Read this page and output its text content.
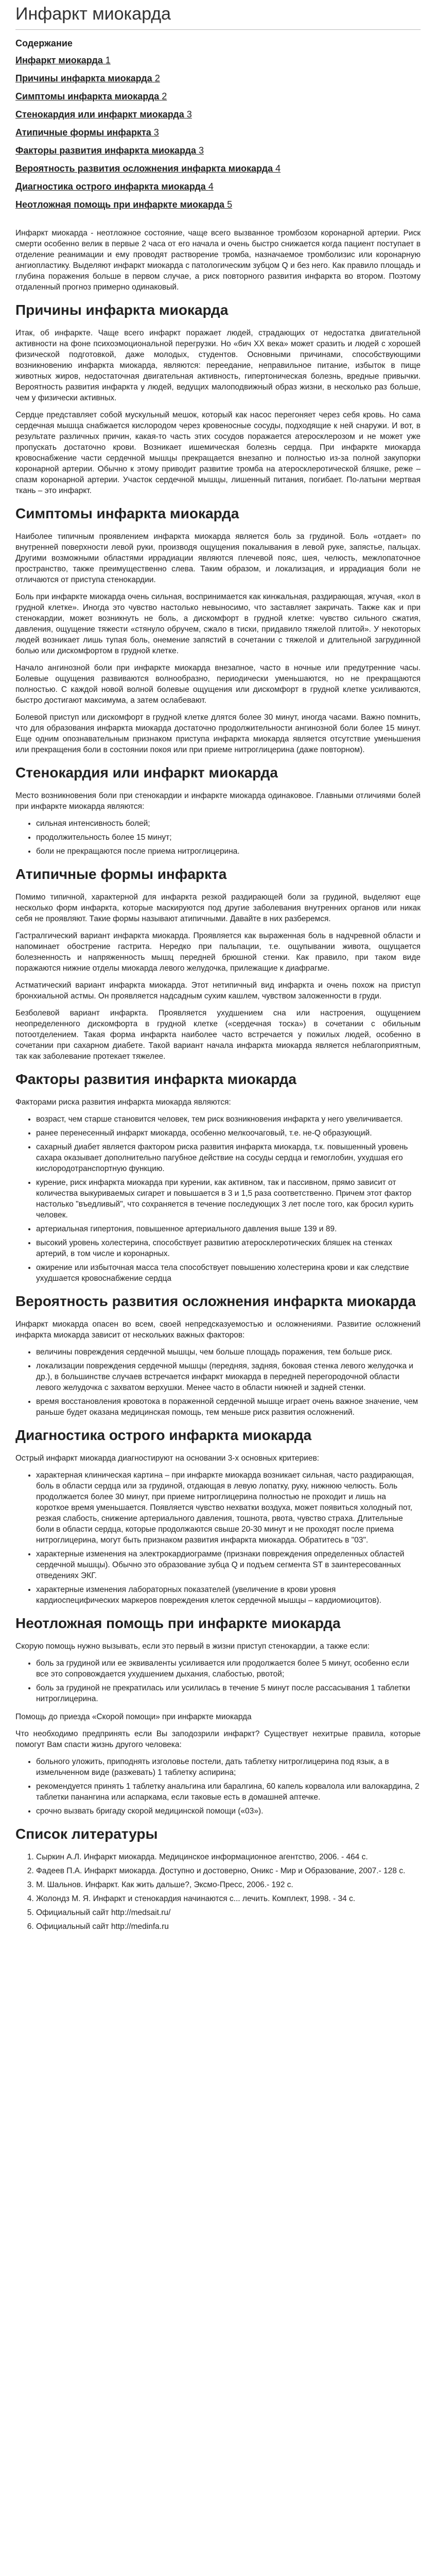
Инфаркт миокарда
Содержание
Инфаркт миокарда 1
Причины инфаркта миокарда 2
Симптомы инфаркта миокарда 2
Стенокардия или инфаркт миокарда 3
Атипичные формы инфаркта 3
Факторы развития инфаркта миокарда 3
Вероятность развития осложнения инфаркта миокарда 4
Диагностика острого инфаркта миокарда 4
Неотложная помощь при инфаркте миокарда 5

Инфаркт миокарда - неотложное состояние, чаще всего вызванное тромбозом коронарной артерии. Риск смерти особенно велик в первые 2 часа от его начала и очень быстро снижается когда пациент поступает в отделение реанимации и ему проводят растворение тромба, назначаемое тромболизис или коронарную ангиопластику. Выделяют инфаркт миокарда с патологическим зубцом Q и без него. Как правило площадь и глубина поражения больше в первом случае, а риск повторного развития инфаркта во втором. Поэтому отдаленный прогноз примерно одинаковый.

Причины инфаркта миокарда

Итак, об инфаркте. Чаще всего инфаркт поражает людей, страдающих от недостатка двигательной активности на фоне психоэмоциональной перегрузки. Но «бич ХХ века» может сразить и людей с хорошей физической подготовкой, даже молодых, студентов. Основными причинами, способствующими возникновению инфаркта миокарда, являются: переедание, неправильное питание, избыток в пище животных жиров, недостаточная двигательная активность, гипертоническая болезнь, вредные привычки. Вероятность развития инфаркта у людей, ведущих малоподвижный образ жизни, в несколько раз больше, чем у физически активных.

Сердце представляет собой мускульный мешок, который как насос перегоняет через себя кровь. Но сама сердечная мышца снабжается кислородом через кровеносные сосуды, подходящие к ней снаружи. И вот, в результате различных причин, какая-то часть этих сосудов поражается атеросклерозом и не может уже пропускать достаточно крови. Возникает ишемическая болезнь сердца. При инфаркте миокарда кровоснабжение части сердечной мышцы прекращается внезапно и полностью из-за полной закупорки коронарной артерии. Обычно к этому приводит развитие тромба на атеросклеротической бляшке, реже – спазм коронарной артерии. Участок сердечной мышцы, лишенный питания, погибает. По-латыни мертвая ткань – это инфаркт.

Симптомы инфаркта миокарда

Наиболее типичным проявлением инфаркта миокарда является боль за грудиной. Боль «отдает» по внутренней поверхности левой руки, производя ощущения покалывания в левой руке, запястье, пальцах. Другими возможными областями иррадиации являются плечевой пояс, шея, челюсть, межлопаточное пространство, также преимущественно слева. Таким образом, и локализация, и иррадиация боли не отличаются от приступа стенокардии.

Боль при инфаркте миокарда очень сильная, воспринимается как кинжальная, раздирающая, жгучая, «кол в грудной клетке». Иногда это чувство настолько невыносимо, что заставляет закричать. Также как и при стенокардии, может возникнуть не боль, а дискомфорт в грудной клетке: чувство сильного сжатия, давления, ощущение тяжести «стянуло обручем, сжало в тиски, придавило тяжелой плитой». У некоторых людей возникает лишь тупая боль, онемение запястий в сочетании с тяжелой и длительной загрудинной болью или дискомфортом в грудной клетке.

Начало ангинозной боли при инфаркте миокарда внезапное, часто в ночные или предутренние часы. Болевые ощущения развиваются волнообразно, периодически уменьшаются, но не прекращаются полностью. С каждой новой волной болевые ощущения или дискомфорт в грудной клетке усиливаются, быстро достигают максимума, а затем ослабевают.

Болевой приступ или дискомфорт в грудной клетке длятся более 30 минут, иногда часами. Важно помнить, что для образования инфаркта миокарда достаточно продолжительности ангинозной боли более 15 минут. Еще одним опознавательным признаком приступа инфаркта миокарда является отсутствие уменьшения или прекращения боли в состоянии покоя или при приеме нитроглицерина (даже повторном).

Стенокардия или инфаркт миокарда

Место возникновения боли при стенокардии и инфаркте миокарда одинаковое. Главными отличиями болей при инфаркте миокарда являются:

• сильная интенсивность болей;
• продолжительность более 15 минут;
• боли не прекращаются после приема нитроглицерина.
Атипичные формы инфаркта

Помимо типичной, характерной для инфаркта резкой раздирающей боли за грудиной, выделяют еще несколько форм инфаркта, которые маскируются под другие заболевания внутренних органов или никак себя не проявляют. Такие формы называют атипичными. Давайте в них разберемся.

Гастралгический вариант инфаркта миокарда. Проявляется как выраженная боль в надчревной области и напоминает обострение гастрита. Нередко при пальпации, т.е. ощупывании живота, ощущается болезненность и напряженность мышц передней брюшной стенки. Как правило, при таком виде поражаются нижние отделы миокарда левого желудочка, прилежащие к диафрагме.

Астматический вариант инфаркта миокарда. Этот нетипичный вид инфаркта и очень похож на приступ бронхиальной астмы. Он проявляется надсадным сухим кашлем, чувством заложенности в груди.

Безболевой вариант инфаркта. Проявляется ухудшением сна или настроения, ощущением неопределенного дискомфорта в грудной клетке («сердечная тоска») в сочетании с обильным потоотделением. Такая форма инфаркта наиболее часто встречается у пожилых людей, особенно в сочетании при сахарном диабете. Такой вариант начала инфаркта миокарда является неблагоприятным, так как заболевание протекает тяжелее.

Факторы развития инфаркта миокарда

Факторами риска развития инфаркта миокарда являются:

• возраст, чем старше становится человек, тем риск возникновения инфаркта у него увеличивается.
• ранее перенесенный инфаркт миокарда, особенно мелкоочаговый, т.е. не-Q образующий.
• сахарный диабет является фактором риска развития инфаркта миокарда, т.к. повышенный уровень сахара оказывает дополнительно пагубное действие на сосуды сердца и гемоглобин, ухудшая его кислородотранспортную функцию.
• курение, риск инфаркта миокарда при курении, как активном, так и пассивном, прямо зависит от количества выкуриваемых сигарет и повышается в 3 и 1,5 раза соответственно. Причем этот фактор настолько "въедливый", что сохраняется в течение последующих 3 лет после того, как бросил курить человек.
• артериальная гипертония, повышенное артериального давления выше 139 и 89.
• высокий уровень холестерина, способствует развитию атеросклеротических бляшек на стенках артерий, в том числе и коронарных.
• ожирение или избыточная масса тела способствует повышению холестерина крови и как следствие ухудшается кровоснабжение сердца
Вероятность развития осложнения инфаркта миокарда

Инфаркт миокарда опасен во всем, своей непредсказуемостью и осложнениями. Развитие осложнений инфаркта миокарда зависит от нескольких важных факторов:

• величины повреждения сердечной мышцы, чем больше площадь поражения, тем больше риск.
• локализации повреждения сердечной мышцы (передняя, задняя, боковая стенка левого желудочка и др.), в большинстве случаев встречается инфаркт миокарда в передней перегородочной области левого желудочка с захватом верхушки. Менее часто в области нижней и задней стенки.
• время восстановления кровотока в пораженной сердечной мышце играет очень важное значение, чем раньше будет оказана медицинская помощь, тем меньше риск развития осложнений.
Диагностика острого инфаркта миокарда

Острый инфаркт миокарда диагностируют на основании 3-х основных критериев:

• характерная клиническая картина – при инфаркте миокарда возникает сильная, часто раздирающая, боль в области сердца или за грудиной, отдающая в левую лопатку, руку, нижнюю челюсть. Боль продолжается более 30 минут, при приеме нитроглицерина полностью не проходит и лишь на короткое время уменьшается. Появляется чувство нехватки воздуха, может появиться холодный пот, резкая слабость, снижение артериального давления, тошнота, рвота, чувство страха. Длительные боли в области сердца, которые продолжаются свыше 20-30 минут и не проходят после приема нитроглицерина, могут быть признаком развития инфаркта миокарда. Обратитесь в "03".
• характерные изменения на электрокардиограмме (признаки повреждения определенных областей сердечной мышцы). Обычно это образование зубца Q и подъем сегмента ST в заинтересованных отведениях ЭКГ.
• характерные изменения лабораторных показателей (увеличение в крови уровня кардиоспецифических маркеров повреждения клеток сердечной мышцы – кардиомиоцитов).
Неотложная помощь при инфаркте миокарда

Скорую помощь нужно вызывать, если это первый в жизни приступ стенокардии, а также если:

• боль за грудиной или ее эквиваленты усиливается или продолжается более 5 минут, особенно если все это сопровождается ухудшением дыхания, слабостью, рвотой;
• боль за грудиной не прекратилась или усилилась в течение 5 минут после рассасывания 1 таблетки нитроглицерина.

Помощь до приезда «Скорой помощи» при инфаркте миокарда

Что необходимо предпринять если Вы заподозрили инфаркт? Существует нехитрые правила, которые помогут Вам спасти жизнь другого человека:

• больного уложить, приподнять изголовье постели, дать таблетку нитроглицерина под язык, а в измельченном виде (разжевать) 1 таблетку аспирина;
• рекомендуется принять 1 таблетку анальгина или баралгина, 60 капель корвалола или валокардина, 2 таблетки панангина или аспаркама, если таковые есть в домашней аптечке.
• срочно вызвать бригаду скорой медицинской помощи («03»).
Список литературы
1. Сыркин А.Л. Инфаркт миокарда. Медицинское информационное агентство, 2006. - 464 с.
2. Фадеев П.А. Инфаркт миокарда. Доступно и достоверно, Оникс - Мир и Образование, 2007.- 128 с.
3. М. Шальнов. Инфаркт. Как жить дальше?, Эксмо-Пресс, 2006.- 192 с.
4. Жолондз М. Я. Инфаркт и стенокардия начинаются с... лечить. Комплект, 1998. - 34 с.
5. Официальный сайт http://medsait.ru/
6. Официальный сайт http://medinfa.ru
